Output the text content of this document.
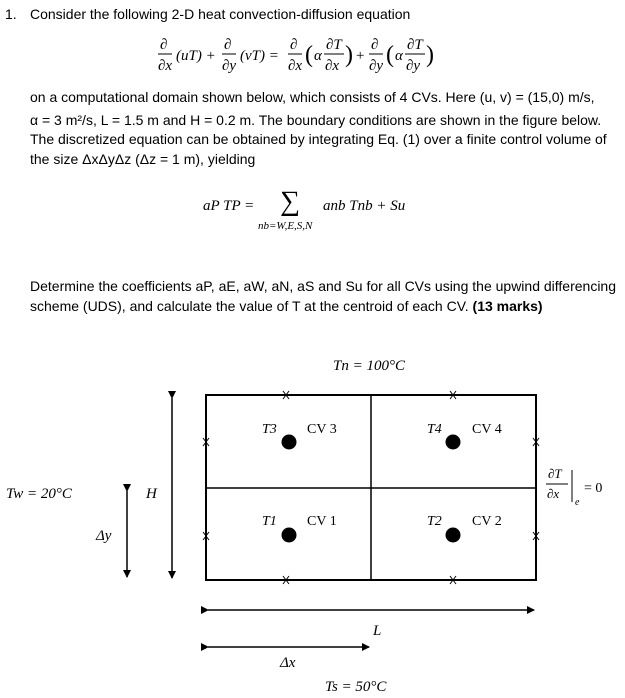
1. Consider the following 2-D heat convection-diffusion equation
∂
∂x
(uT) +
∂
∂y
(vT) =
∂
∂x ( α
∂T
∂x ) +
∂
∂y ( α
∂T
∂y )
on a computational domain shown below, which consists of 4 CVs. Here (u, v) = (15,0) m/s,
α = 3 m²/s, L = 1.5 m and H = 0.2 m. The boundary conditions are shown in the figure below.
The discretized equation can be obtained by integrating Eq. (1) over a finite control volume of
the size ΔxΔyΔz (Δz = 1 m), yielding
aP TP = ∑ anb Tnb + Su
nb=W,E,S,N
Determine the coefficients aP, aE, aW, aN, aS and Su for all CVs using the upwind differencing
scheme (UDS), and calculate the value of T at the centroid of each CV. (13 marks)
T3 CV 3	T4 CV 4
T1 CV 1	T2 CV 2
Tn = 100°C
Ts = 50°C
Tw = 20°C
∂T
∂x
e
= 0
∂T/∂x|e = 0
H
Δy
L
Δx
